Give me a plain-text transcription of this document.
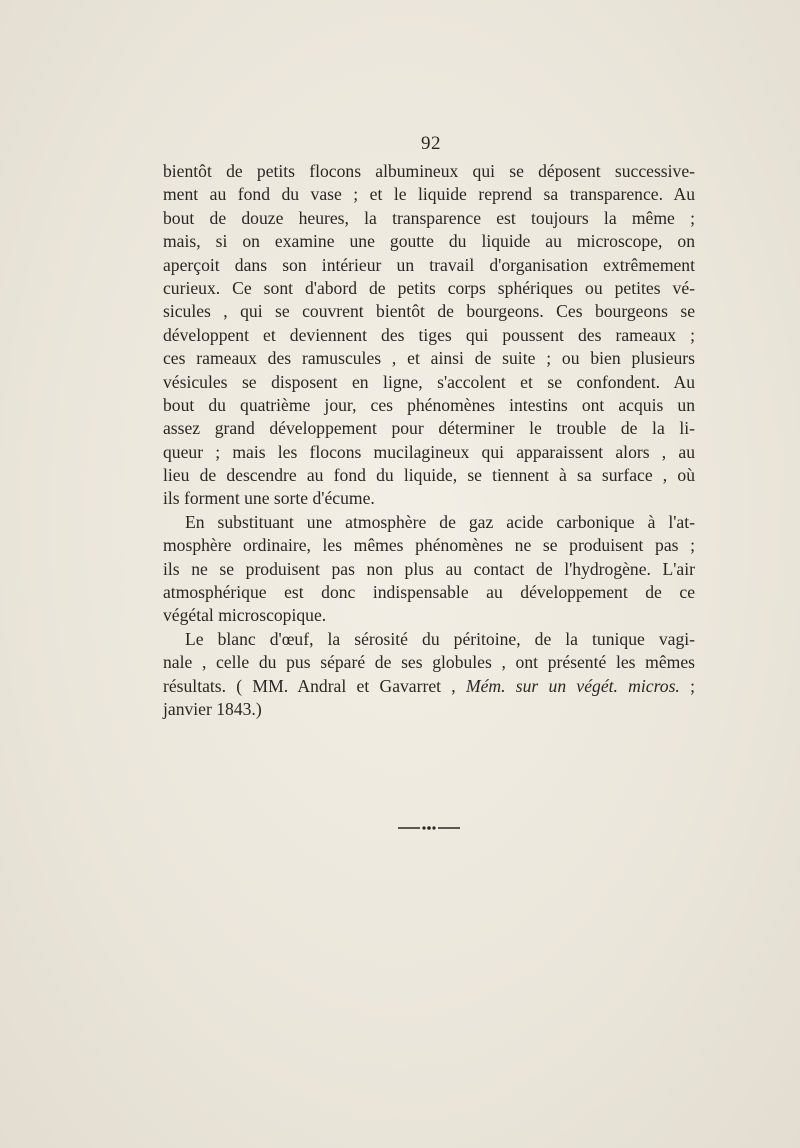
92
bientôt de petits flocons albumineux qui se déposent successive-
ment au fond du vase ; et le liquide reprend sa transparence. Au
bout de douze heures, la transparence est toujours la même ;
mais, si on examine une goutte du liquide au microscope, on
aperçoit dans son intérieur un travail d'organisation extrêmement
curieux. Ce sont d'abord de petits corps sphériques ou petites vé-
sicules , qui se couvrent bientôt de bourgeons. Ces bourgeons se
développent et deviennent des tiges qui poussent des rameaux ;
ces rameaux des ramuscules , et ainsi de suite ; ou bien plusieurs
vésicules se disposent en ligne, s'accolent et se confondent. Au
bout du quatrième jour, ces phénomènes intestins ont acquis un
assez grand développement pour déterminer le trouble de la li-
queur ; mais les flocons mucilagineux qui apparaissent alors , au
lieu de descendre au fond du liquide, se tiennent à sa surface , où
ils forment une sorte d'écume.
En substituant une atmosphère de gaz acide carbonique à l'at-
mosphère ordinaire, les mêmes phénomènes ne se produisent pas ;
ils ne se produisent pas non plus au contact de l'hydrogène. L'air
atmosphérique est donc indispensable au développement de ce
végétal microscopique.
Le blanc d'œuf, la sérosité du péritoine, de la tunique vagi-
nale , celle du pus séparé de ses globules , ont présenté les mêmes
résultats. ( MM. Andral et Gavarret , Mém. sur un végét. micros. ;
janvier 1843.)
